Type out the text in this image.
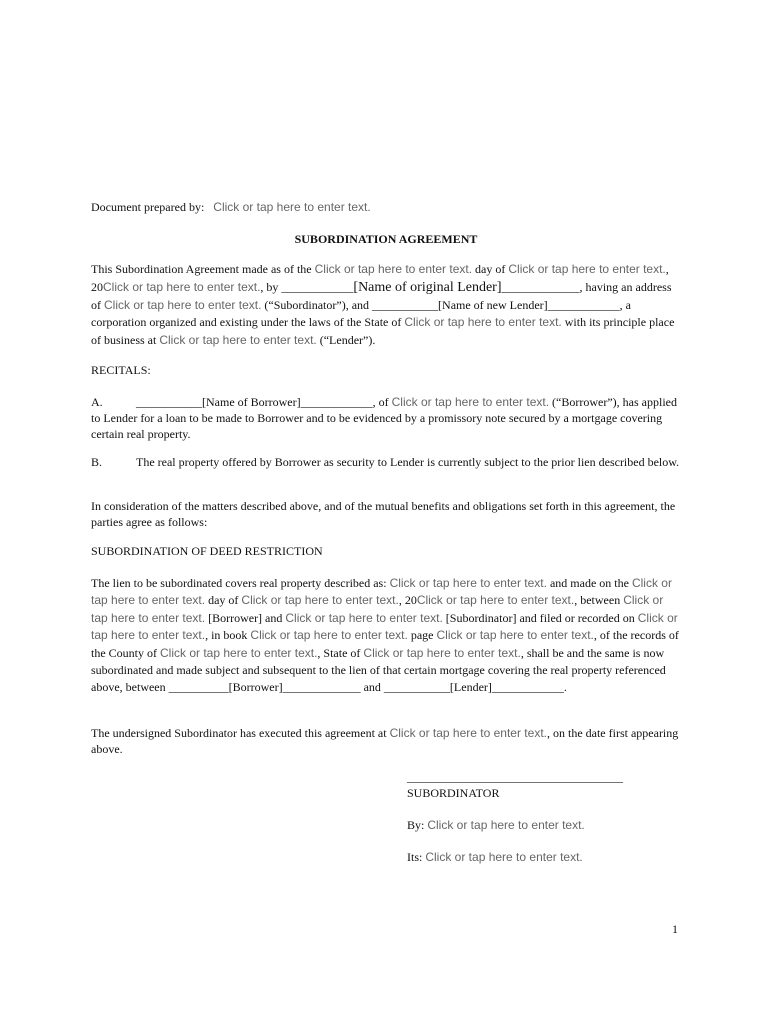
Document prepared by: Click or tap here to enter text.
SUBORDINATION AGREEMENT
This Subordination Agreement made as of the Click or tap here to enter text. day of Click or tap here to enter text., 20Click or tap here to enter text., by ____________[Name of original Lender]_____________, having an address of Click or tap here to enter text. (“Subordinator”), and ___________[Name of new Lender]____________, a corporation organized and existing under the laws of the State of Click or tap here to enter text. with its principle place of business at Click or tap here to enter text. (“Lender”).
RECITALS:
A.	___________[Name of Borrower]____________, of Click or tap here to enter text. (“Borrower”), has applied to Lender for a loan to be made to Borrower and to be evidenced by a promissory note secured by a mortgage covering certain real property.
B.	The real property offered by Borrower as security to Lender is currently subject to the prior lien described below.
In consideration of the matters described above, and of the mutual benefits and obligations set forth in this agreement, the parties agree as follows:
SUBORDINATION OF DEED RESTRICTION
The lien to be subordinated covers real property described as: Click or tap here to enter text. and made on the Click or tap here to enter text. day of Click or tap here to enter text., 20Click or tap here to enter text., between Click or tap here to enter text. [Borrower] and Click or tap here to enter text. [Subordinator] and filed or recorded on Click or tap here to enter text., in book Click or tap here to enter text. page Click or tap here to enter text., of the records of the County of Click or tap here to enter text., State of Click or tap here to enter text., shall be and the same is now subordinated and made subject and subsequent to the lien of that certain mortgage covering the real property referenced above, between __________[Borrower]_____________ and ___________[Lender]____________.
The undersigned Subordinator has executed this agreement at Click or tap here to enter text., on the date first appearing above.
____________________________________
SUBORDINATOR
By: Click or tap here to enter text.
Its: Click or tap here to enter text.
1
